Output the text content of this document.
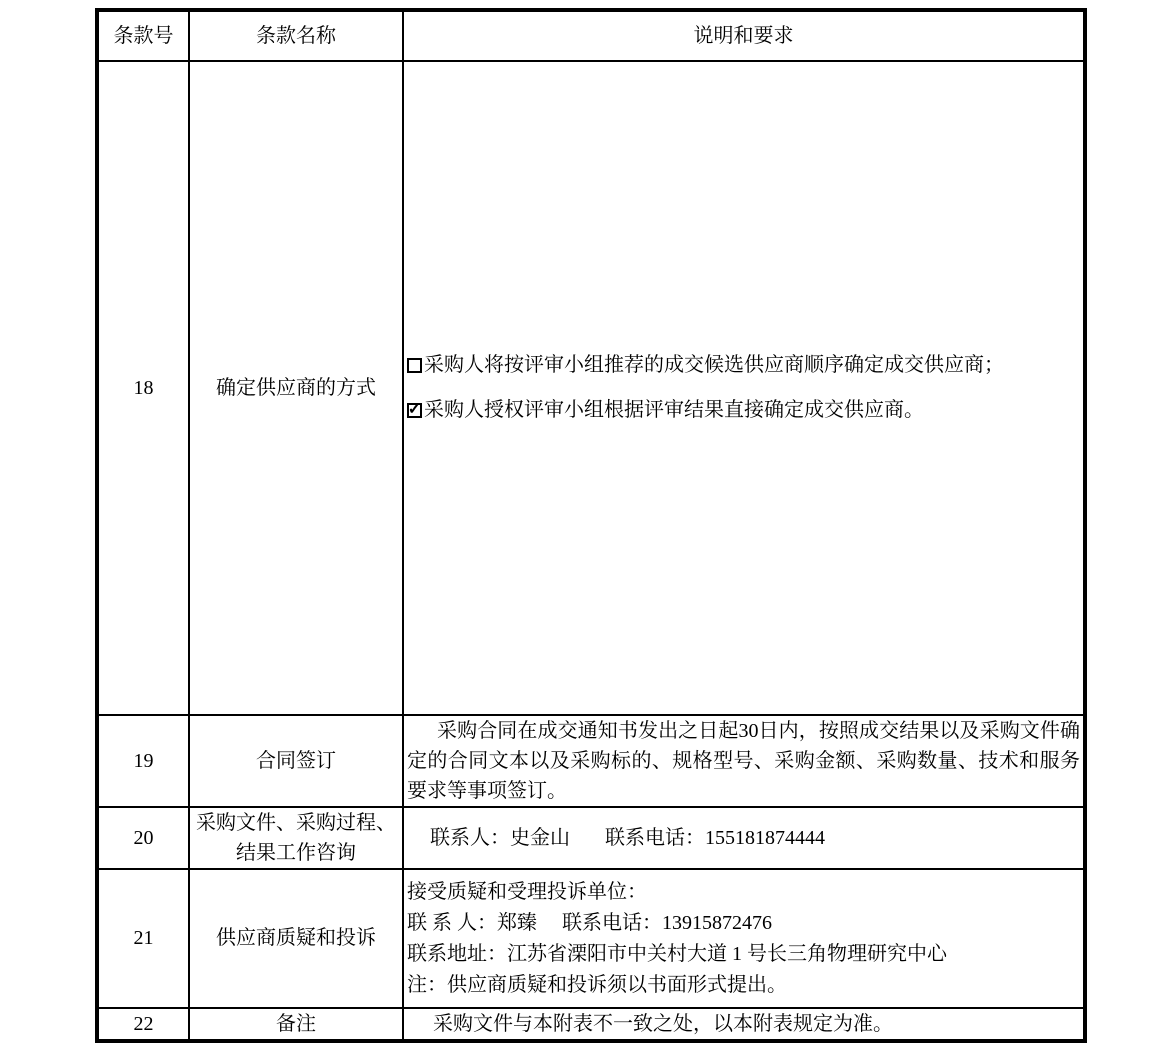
条款号	条款名称	说明和要求
18	确定供应商的方式	采购人将按评审小组推荐的成交候选供应商顺序确定成交供应商；
✓ 采购人授权评审小组根据评审结果直接确定成交供应商。

19	合同签订	采购合同在成交通知书发出之日起30日内，按照成交结果以及采购文件确定的合同文本以及采购标的、规格型号、采购金额、采购数量、技术和服务要求等事项签订。

20	采购文件、采购过程、结果工作咨询	联系人：史金山       联系电话：155181874444

21	供应商质疑和投诉	接受质疑和受理投诉单位：
联 系 人：郑臻     联系电话：13915872476
联系地址：江苏省溧阳市中关村大道 1 号长三角物理研究中心
注：供应商质疑和投诉须以书面形式提出。

22	备注	采购文件与本附表不一致之处，以本附表规定为准。
